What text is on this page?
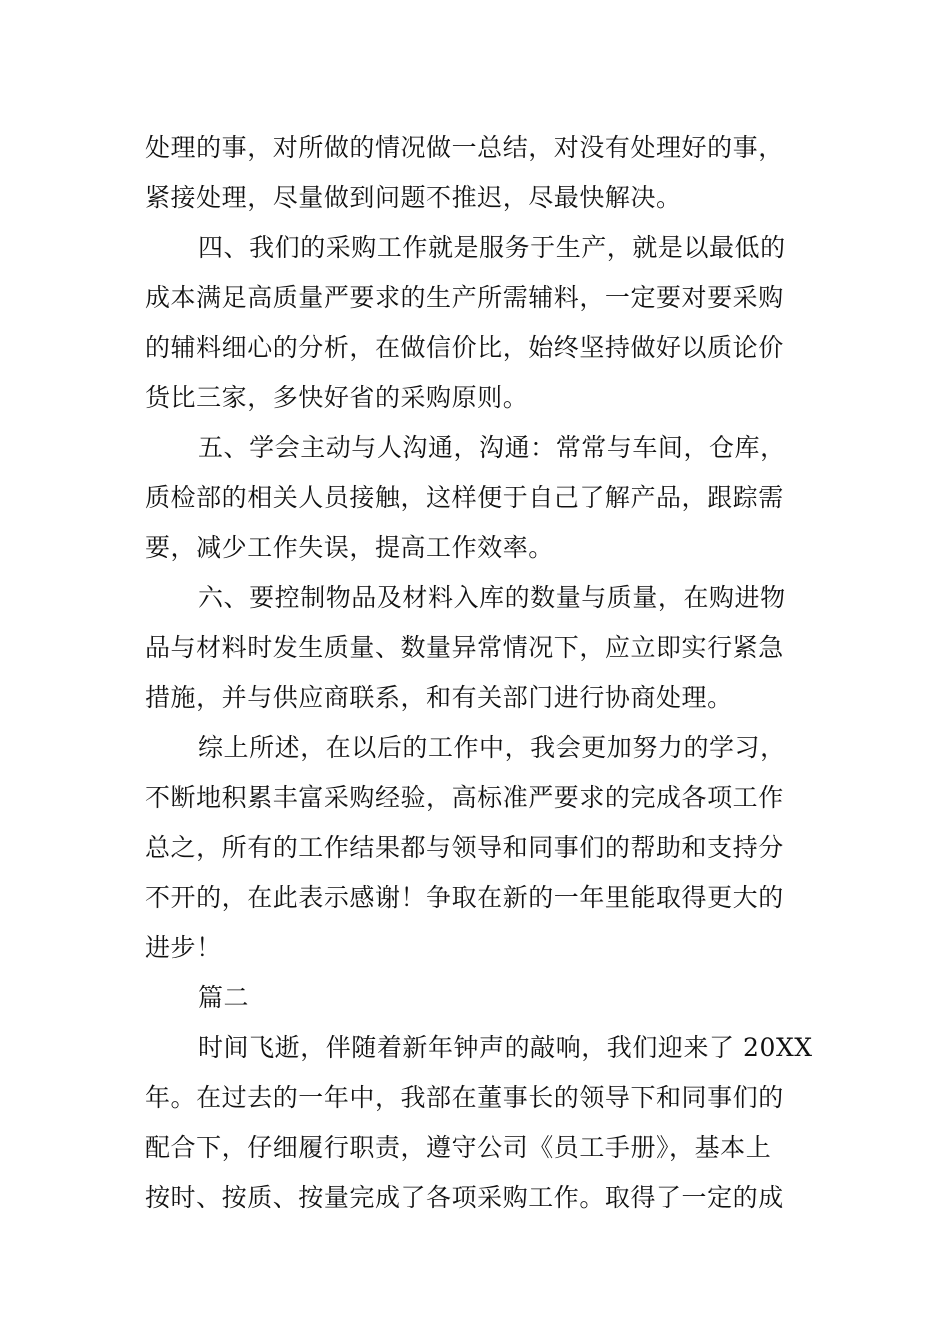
处理的事，对所做的情况做一总结，对没有处理好的事，
紧接处理，尽量做到问题不推迟，尽最快解决。
四、我们的采购工作就是服务于生产，就是以最低的
成本满足高质量严要求的生产所需辅料，一定要对要采购
的辅料细心的分析，在做信价比，始终坚持做好以质论价
货比三家，多快好省的采购原则。
五、学会主动与人沟通，沟通：常常与车间，仓库，
质检部的相关人员接触，这样便于自己了解产品，跟踪需
要，减少工作失误，提高工作效率。
六、要控制物品及材料入库的数量与质量，在购进物
品与材料时发生质量、数量异常情况下，应立即实行紧急
措施，并与供应商联系，和有关部门进行协商处理。
综上所述，在以后的工作中，我会更加努力的学习，
不断地积累丰富采购经验，高标准严要求的完成各项工作
总之，所有的工作结果都与领导和同事们的帮助和支持分
不开的，在此表示感谢！争取在新的一年里能取得更大的
进步！
篇二
时间飞逝，伴随着新年钟声的敲响，我们迎来了 20XX
年。在过去的一年中，我部在董事长的领导下和同事们的
配合下，仔细履行职责，遵守公司《员工手册》，基本上
按时、按质、按量完成了各项采购工作。取得了一定的成
